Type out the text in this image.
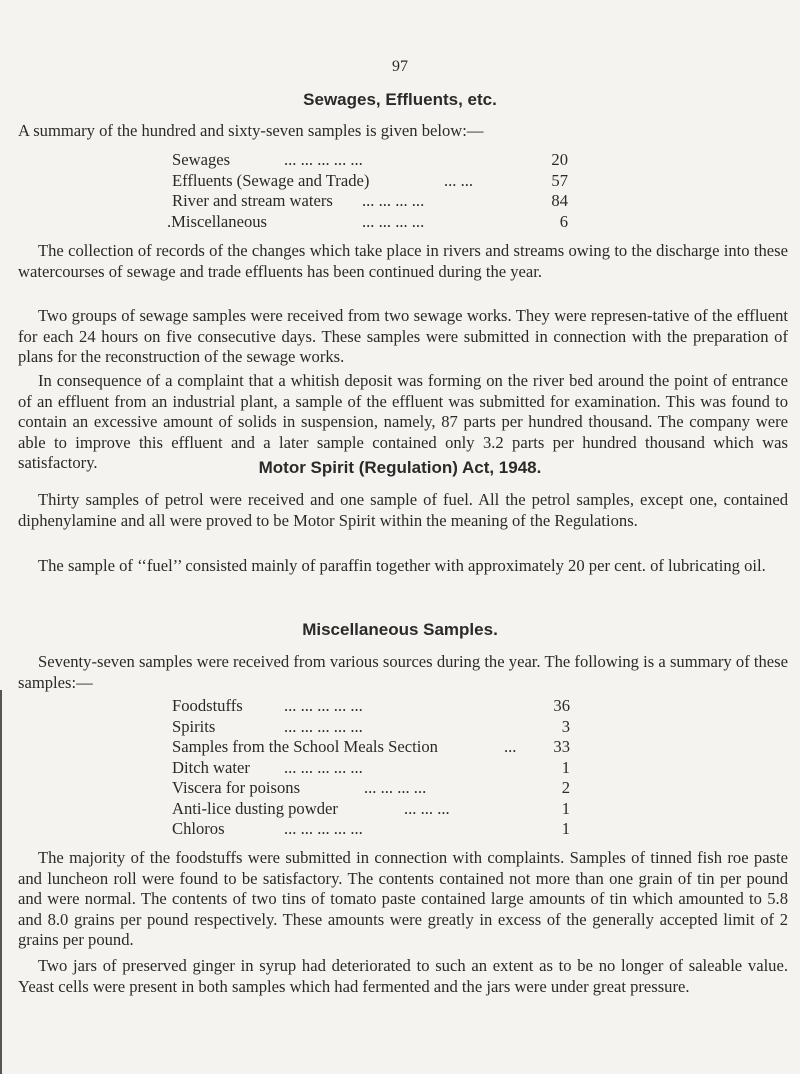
97
Sewages, Effluents, etc.

A summary of the hundred and sixty-seven samples is given below:—

Sewages	... ... ... ... ...	20
Effluents (Sewage and Trade)	... ...	57
River and stream waters ... ... ... ...	84
.Miscellaneous	... ... ... ...	6

The collection of records of the changes which take place in rivers and streams owing to the discharge into these watercourses of sewage and trade effluents has been continued during the year.

Two groups of sewage samples were received from two sewage works. They were represen-tative of the effluent for each 24 hours on five consecutive days. These samples were submitted in connection with the preparation of plans for the reconstruction of the sewage works.

In consequence of a complaint that a whitish deposit was forming on the river bed around the point of entrance of an effluent from an industrial plant, a sample of the effluent was submitted for examination. This was found to contain an excessive amount of solids in suspension, namely, 87 parts per hundred thousand. The company were able to improve this effluent and a later sample contained only 3.2 parts per hundred thousand which was satisfactory.	Motor Spirit (Regulation) Act, 1948.

Thirty samples of petrol were received and one sample of fuel. All the petrol samples, except one, contained diphenylamine and all were proved to be Motor Spirit within the meaning of the Regulations.

The sample of ‘‘fuel’’ consisted mainly of paraffin together with approximately 20 per cent. of lubricating oil.

Miscellaneous Samples.

Seventy-seven samples were received from various sources during the year. The following is a summary of these samples:—

Foodstuffs ... ... ... ... ...	36
Spirits	... ... ... ... ...	3
Samples from the School Meals Section	... 33
Ditch water ... ... ... ... ...	1
Viscera for poisons	... ... ... ...	2
Anti-lice dusting powder	... ... ...	1
Chloros	... ... ... ... ...	1

The majority of the foodstuffs were submitted in connection with complaints. Samples of tinned fish roe paste and luncheon roll were found to be satisfactory. The contents contained not more than one grain of tin per pound and were normal. The contents of two tins of tomato paste contained large amounts of tin which amounted to 5.8 and 8.0 grains per pound respectively. These amounts were greatly in excess of the generally accepted limit of 2 grains per pound.

Two jars of preserved ginger in syrup had deteriorated to such an extent as to be no longer of saleable value. Yeast cells were present in both samples which had fermented and the jars were under great pressure.
